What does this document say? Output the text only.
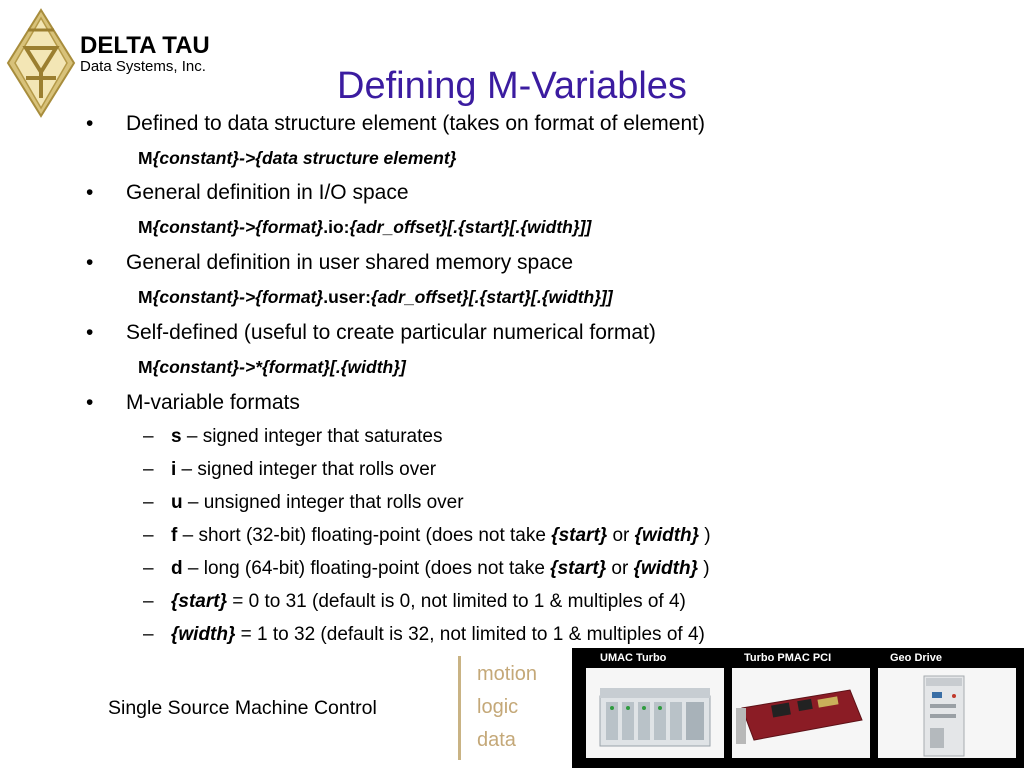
DELTA TAU
Data Systems, Inc.	Defining M-Variables
•	Defined to data structure element (takes on format of element)
M{constant}->{data structure element}
•	General definition in I/O space
M{constant}->{format}.io:{adr_offset}[.{start}[.{width}]]
•	General definition in user shared memory space
M{constant}->{format}.user:{adr_offset}[.{start}[.{width}]]
•	Self-defined (useful to create particular numerical format)
M{constant}->*{format}[.{width}]
•	M-variable formats
– s – signed integer that saturates
– i – signed integer that rolls over
– u – unsigned integer that rolls over
– f – short (32-bit) floating-point (does not take {start} or {width} )
– d – long (64-bit) floating-point (does not take {start} or {width} )
– {start} = 0 to 31 (default is 0, not limited to 1 & multiples of 4)
– {width} = 1 to 32 (default is 32, not limited to 1 & multiples of 4)
Single Source Machine Control
motion
logic
data
UMAC Turbo	Turbo PMAC PCI	Geo Drive
